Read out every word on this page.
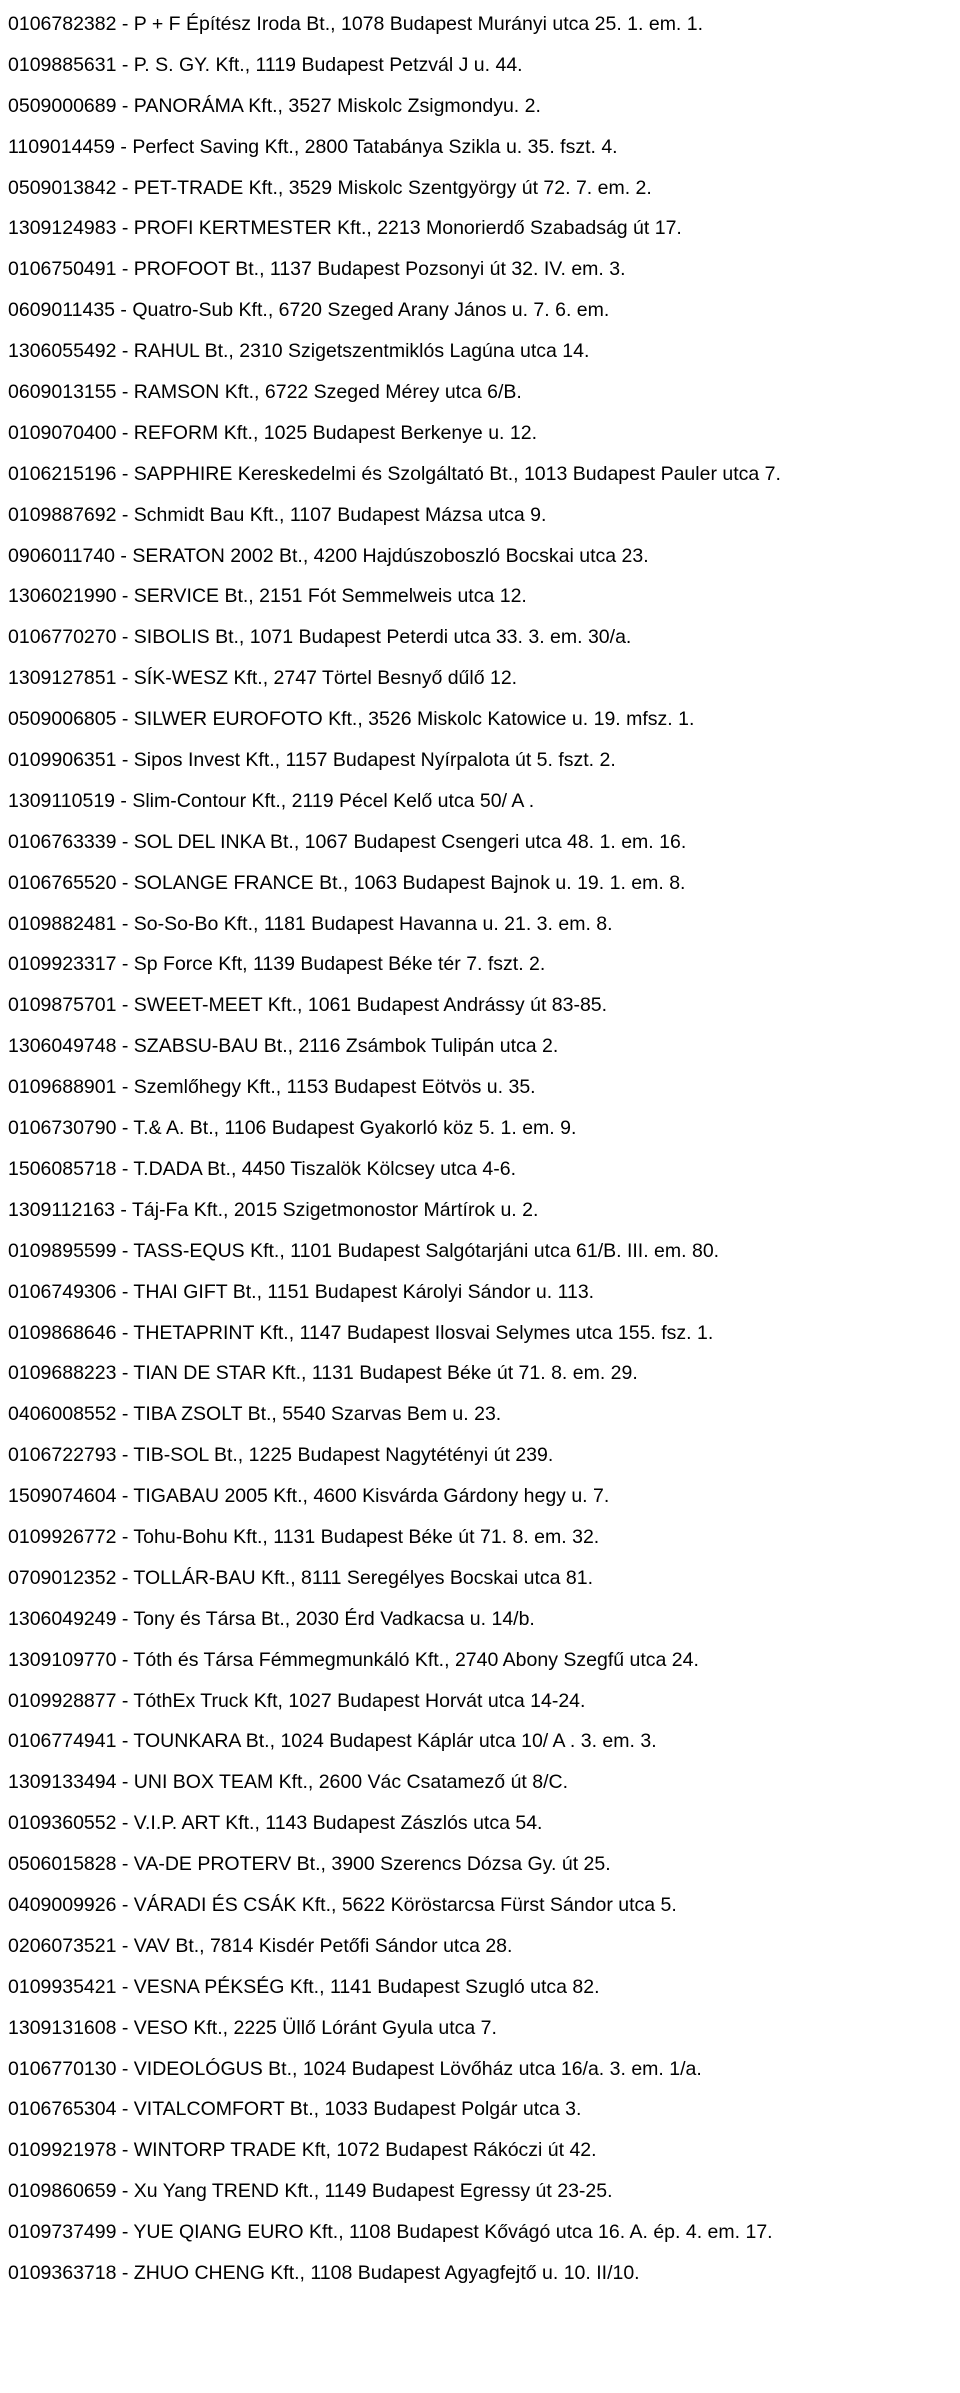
0106782382 - P + F Építész Iroda Bt., 1078 Budapest Murányi utca 25. 1. em. 1.
0109885631 - P. S. GY. Kft., 1119 Budapest Petzvál J u. 44.
0509000689 - PANORÁMA Kft., 3527 Miskolc Zsigmondyu. 2.
1109014459 - Perfect Saving Kft., 2800 Tatabánya Szikla u. 35. fszt. 4.
0509013842 - PET-TRADE Kft., 3529 Miskolc Szentgyörgy út 72. 7. em. 2.
1309124983 - PROFI KERTMESTER Kft., 2213 Monorierdő Szabadság út 17.
0106750491 - PROFOOT Bt., 1137 Budapest Pozsonyi út 32. IV. em. 3.
0609011435 - Quatro-Sub Kft., 6720 Szeged Arany János u. 7. 6. em.
1306055492 - RAHUL Bt., 2310 Szigetszentmiklós Lagúna utca 14.
0609013155 - RAMSON Kft., 6722 Szeged Mérey utca 6/B.
0109070400 - REFORM Kft., 1025 Budapest Berkenye u. 12.
0106215196 - SAPPHIRE Kereskedelmi és Szolgáltató Bt., 1013 Budapest Pauler utca 7.
0109887692 - Schmidt Bau Kft., 1107 Budapest Mázsa utca 9.
0906011740 - SERATON 2002 Bt., 4200 Hajdúszoboszló Bocskai utca 23.
1306021990 - SERVICE Bt., 2151 Fót Semmelweis utca 12.
0106770270 - SIBOLIS Bt., 1071 Budapest Peterdi utca 33. 3. em. 30/a.
1309127851 - SÍK-WESZ Kft., 2747 Törtel Besnyő dűlő 12.
0509006805 - SILWER EUROFOTO Kft., 3526 Miskolc Katowice u. 19. mfsz. 1.
0109906351 - Sipos Invest Kft., 1157 Budapest Nyírpalota út 5. fszt. 2.
1309110519 - Slim-Contour Kft., 2119 Pécel Kelő utca 50/ A .
0106763339 - SOL DEL INKA Bt., 1067 Budapest Csengeri utca 48. 1. em. 16.
0106765520 - SOLANGE FRANCE Bt., 1063 Budapest Bajnok u. 19. 1. em. 8.
0109882481 - So-So-Bo Kft., 1181 Budapest Havanna u. 21. 3. em. 8.
0109923317 - Sp Force Kft, 1139 Budapest Béke tér 7. fszt. 2.
0109875701 - SWEET-MEET Kft., 1061 Budapest Andrássy út 83-85.
1306049748 - SZABSU-BAU Bt., 2116 Zsámbok Tulipán utca 2.
0109688901 - Szemlőhegy Kft., 1153 Budapest Eötvös u. 35.
0106730790 - T.& A. Bt., 1106 Budapest Gyakorló köz 5. 1. em. 9.
1506085718 - T.DADA Bt., 4450 Tiszalök Kölcsey utca 4-6.
1309112163 - Táj-Fa Kft., 2015 Szigetmonostor Mártírok u. 2.
0109895599 - TASS-EQUS Kft., 1101 Budapest Salgótarjáni utca 61/B. III. em. 80.
0106749306 - THAI GIFT Bt., 1151 Budapest Károlyi Sándor u. 113.
0109868646 - THETAPRINT Kft., 1147 Budapest Ilosvai Selymes utca 155. fsz. 1.
0109688223 - TIAN DE STAR Kft., 1131 Budapest Béke út 71. 8. em. 29.
0406008552 - TIBA ZSOLT Bt., 5540 Szarvas Bem u. 23.
0106722793 - TIB-SOL Bt., 1225 Budapest Nagytétényi út 239.
1509074604 - TIGABAU 2005 Kft., 4600 Kisvárda Gárdony hegy u. 7.
0109926772 - Tohu-Bohu Kft., 1131 Budapest Béke út 71. 8. em. 32.
0709012352 - TOLLÁR-BAU Kft., 8111 Seregélyes Bocskai utca 81.
1306049249 - Tony és Társa Bt., 2030 Érd Vadkacsa u. 14/b.
1309109770 - Tóth és Társa Fémmegmunkáló Kft., 2740 Abony Szegfű utca 24.
0109928877 - TóthEx Truck Kft, 1027 Budapest Horvát utca 14-24.
0106774941 - TOUNKARA Bt., 1024 Budapest Káplár utca 10/ A . 3. em. 3.
1309133494 - UNI BOX TEAM Kft., 2600 Vác Csatamező út 8/C.
0109360552 - V.I.P. ART Kft., 1143 Budapest Zászlós utca 54.
0506015828 - VA-DE PROTERV Bt., 3900 Szerencs Dózsa Gy. út 25.
0409009926 - VÁRADI ÉS CSÁK Kft., 5622 Köröstarcsa Fürst Sándor utca 5.
0206073521 - VAV Bt., 7814 Kisdér Petőfi Sándor utca 28.
0109935421 - VESNA PÉKSÉG Kft., 1141 Budapest Szugló utca 82.
1309131608 - VESO Kft., 2225 Üllő Lóránt Gyula utca 7.
0106770130 - VIDEOLÓGUS Bt., 1024 Budapest Lövőház utca 16/a. 3. em. 1/a.
0106765304 - VITALCOMFORT Bt., 1033 Budapest Polgár utca 3.
0109921978 - WINTORP TRADE Kft, 1072 Budapest Rákóczi út 42.
0109860659 - Xu Yang TREND Kft., 1149 Budapest Egressy út 23-25.
0109737499 - YUE QIANG EURO Kft., 1108 Budapest Kővágó utca 16. A. ép. 4. em. 17.
0109363718 - ZHUO CHENG Kft., 1108 Budapest Agyagfejtő u. 10. II/10.
